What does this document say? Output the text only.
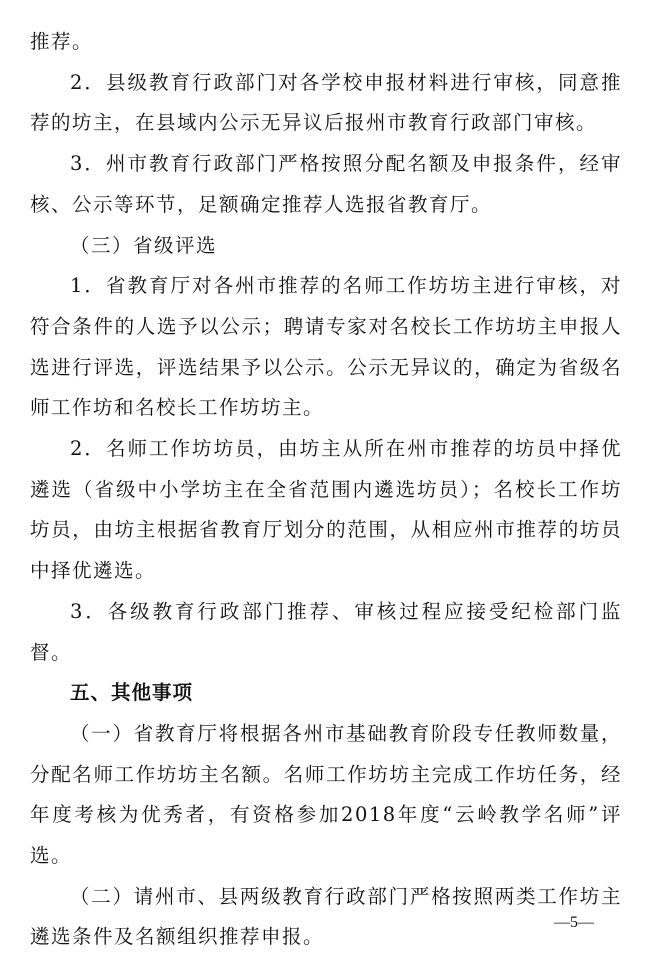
推荐。

2．县级教育行政部门对各学校申报材料进行审核，同意推荐的坊主，在县域内公示无异议后报州市教育行政部门审核。

3．州市教育行政部门严格按照分配名额及申报条件，经审核、公示等环节，足额确定推荐人选报省教育厅。

（三）省级评选

1．省教育厅对各州市推荐的名师工作坊坊主进行审核，对符合条件的人选予以公示；聘请专家对名校长工作坊坊主申报人选进行评选，评选结果予以公示。公示无异议的，确定为省级名师工作坊和名校长工作坊坊主。

2．名师工作坊坊员，由坊主从所在州市推荐的坊员中择优遴选（省级中小学坊主在全省范围内遴选坊员）；名校长工作坊坊员，由坊主根据省教育厅划分的范围，从相应州市推荐的坊员中择优遴选。

3．各级教育行政部门推荐、审核过程应接受纪检部门监督。

五、其他事项

（一）省教育厅将根据各州市基础教育阶段专任教师数量，分配名师工作坊坊主名额。名师工作坊坊主完成工作坊任务，经年度考核为优秀者，有资格参加2018年度“云岭教学名师”评选。

（二）请州市、县两级教育行政部门严格按照两类工作坊主遴选条件及名额组织推荐申报。

—5—
